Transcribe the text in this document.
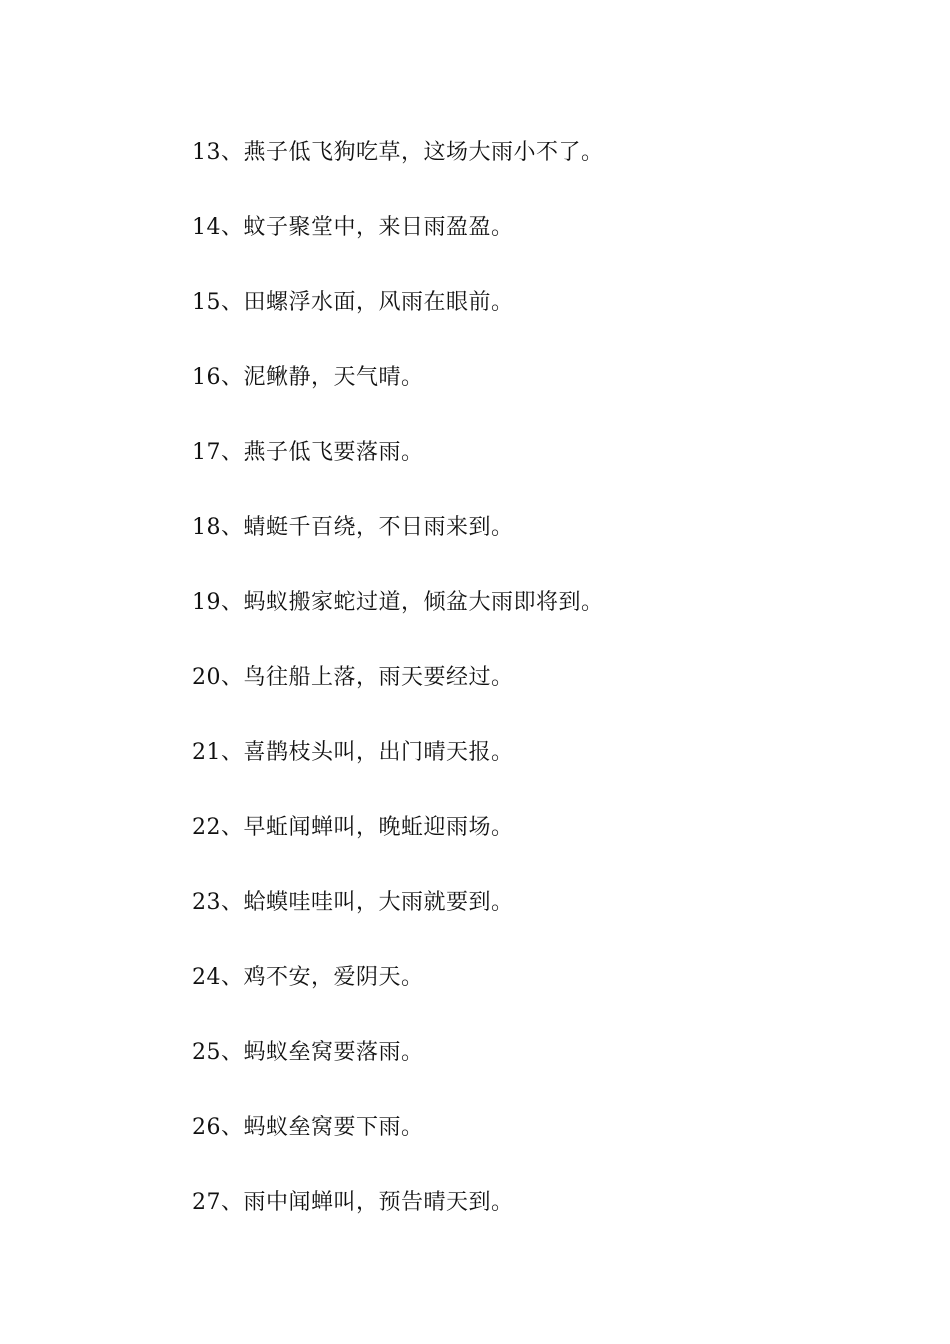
13、燕子低飞狗吃草，这场大雨小不了。
14、蚊子聚堂中，来日雨盈盈。
15、田螺浮水面，风雨在眼前。
16、泥鳅静，天气晴。
17、燕子低飞要落雨。
18、蜻蜓千百绕，不日雨来到。
19、蚂蚁搬家蛇过道，倾盆大雨即将到。
20、鸟往船上落，雨天要经过。
21、喜鹊枝头叫，出门晴天报。
22、早蚯闻蝉叫，晚蚯迎雨场。
23、蛤蟆哇哇叫，大雨就要到。
24、鸡不安，爱阴天。
25、蚂蚁垒窝要落雨。
26、蚂蚁垒窝要下雨。
27、雨中闻蝉叫，预告晴天到。
